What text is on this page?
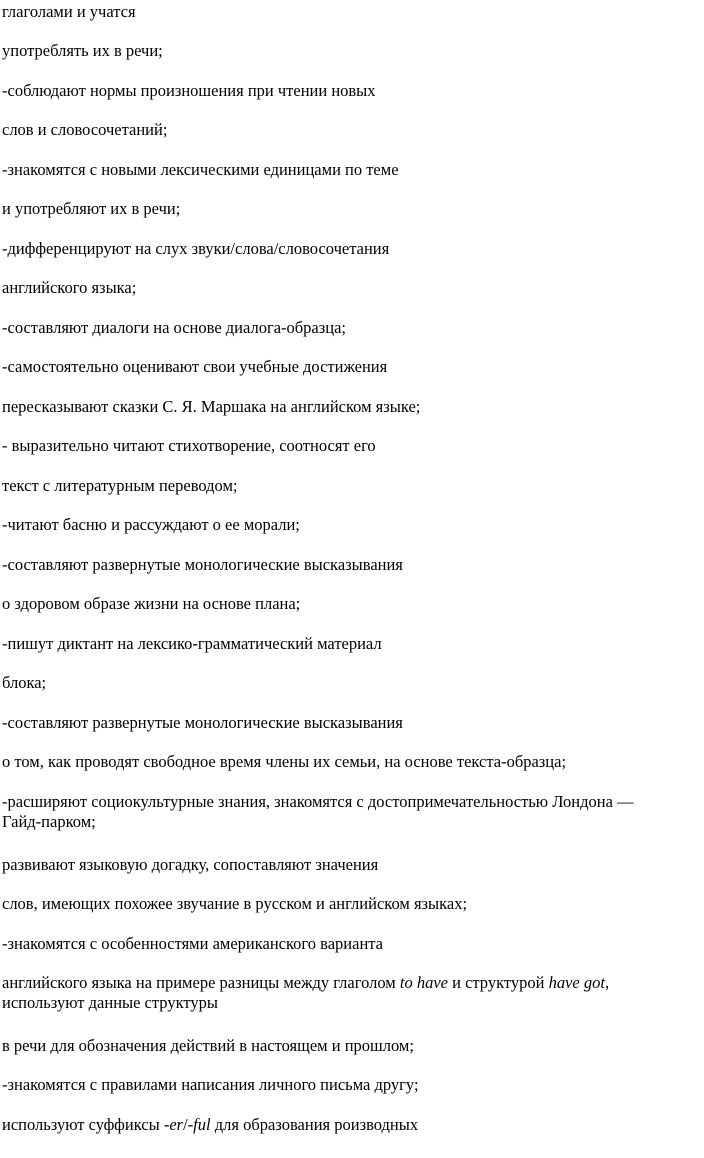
глаголами и учатся
употреблять их в речи;
-соблюдают нормы произношения при чтении новых
слов и словосочетаний;
-знакомятся с новыми лексическими единицами по теме
и употребляют их в речи;
-дифференцируют на слух звуки/слова/словосочетания
английского языка;
-составляют диалоги на основе диалога-образца;
-самостоятельно оценивают свои учебные достижения
пересказывают сказки С. Я. Маршака на английском языке;
- выразительно читают стихотворение, соотносят его
текст с литературным переводом;
-читают басню и рассуждают о ее морали;
-составляют развернутые монологические высказывания
о здоровом образе жизни на основе плана;
-пишут диктант на лексико-грамматический материал
блока;
-составляют развернутые монологические высказывания
о том, как проводят свободное время члены их семьи, на основе текста-образца;
-расширяют социокультурные знания, знакомятся с достопримечательностью Лондона —
Гайд-парком;
развивают языковую догадку, сопоставляют значения
слов, имеющих похожее звучание в русском и английском языках;
-знакомятся с особенностями американского варианта
английского языка на примере разницы между глаголом to have и структурой have got,
используют данные структуры
в речи для обозначения действий в настоящем и прошлом;
-знакомятся с правилами написания личного письма другу;
используют суффиксы -er/-ful для образования роизводных
